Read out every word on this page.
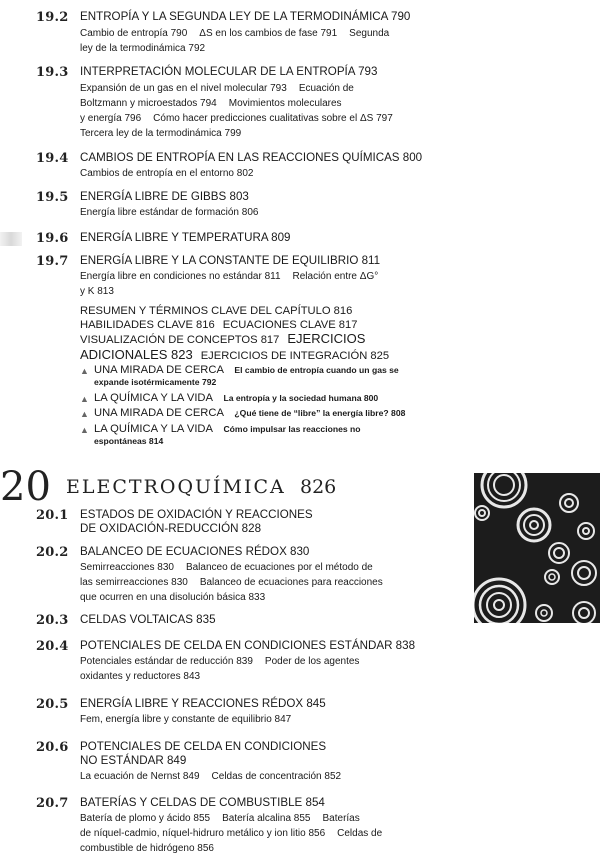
19.2 ENTROPÍA Y LA SEGUNDA LEY DE LA TERMODINÁMICA 790
Cambio de entropía 790 ΔS en los cambios de fase 791 Segunda
ley de la termodinámica 792
19.3 INTERPRETACIÓN MOLECULAR DE LA ENTROPÍA 793
Expansión de un gas en el nivel molecular 793 Ecuación de
Boltzmann y microestados 794 Movimientos moleculares
y energía 796 Cómo hacer predicciones cualitativas sobre el ΔS 797
Tercera ley de la termodinámica 799
19.4 CAMBIOS DE ENTROPÍA EN LAS REACCIONES QUÍMICAS 800
Cambios de entropía en el entorno 802
19.5 ENERGÍA LIBRE DE GIBBS 803
Energía libre estándar de formación 806
19.6 ENERGÍA LIBRE Y TEMPERATURA 809
19.7 ENERGÍA LIBRE Y LA CONSTANTE DE EQUILIBRIO 811
Energía libre en condiciones no estándar 811 Relación entre ΔG°
y K 813
RESUMEN Y TÉRMINOS CLAVE DEL CAPÍTULO 816
HABILIDADES CLAVE 816 ECUACIONES CLAVE 817
VISUALIZACIÓN DE CONCEPTOS 817 EJERCICIOS
ADICIONALES 823 EJERCICIOS DE INTEGRACIÓN 825
▲ UNA MIRADA DE CERCA El cambio de entropía cuando un gas se
expande isotérmicamente 792
▲ LA QUÍMICA Y LA VIDA La entropía y la sociedad humana 800
▲ UNA MIRADA DE CERCA ¿Qué tiene de “libre” la energía libre? 808
▲ LA QUÍMICA Y LA VIDA Cómo impulsar las reacciones no
espontáneas 814
20 ELECTROQUÍMICA 826
20.1 ESTADOS DE OXIDACIÓN Y REACCIONES
DE OXIDACIÓN-REDUCCIÓN 828
20.2 BALANCEO DE ECUACIONES RÉDOX 830
Semirreacciones 830 Balanceo de ecuaciones por el método de
las semirreacciones 830 Balanceo de ecuaciones para reacciones
que ocurren en una disolución básica 833
20.3 CELDAS VOLTAICAS 835
20.4 POTENCIALES DE CELDA EN CONDICIONES ESTÁNDAR 838
Potenciales estándar de reducción 839 Poder de los agentes
oxidantes y reductores 843
20.5 ENERGÍA LIBRE Y REACCIONES RÉDOX 845
Fem, energía libre y constante de equilibrio 847
20.6 POTENCIALES DE CELDA EN CONDICIONES
NO ESTÁNDAR 849
La ecuación de Nernst 849 Celdas de concentración 852
20.7 BATERÍAS Y CELDAS DE COMBUSTIBLE 854
Batería de plomo y ácido 855 Batería alcalina 855 Baterías
de níquel-cadmio, níquel-hidruro metálico y ion litio 856 Celdas de
combustible de hidrógeno 856
